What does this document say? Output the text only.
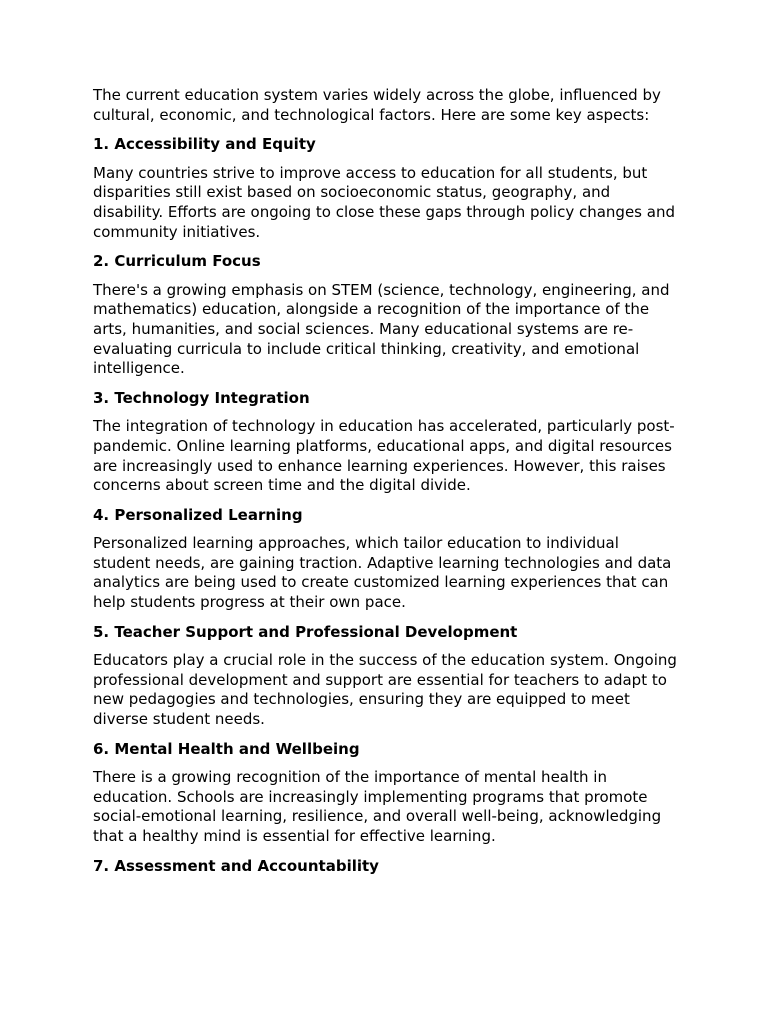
The current education system varies widely across the globe, influenced by cultural, economic, and technological factors. Here are some key aspects:

1. Accessibility and Equity

Many countries strive to improve access to education for all students, but disparities still exist based on socioeconomic status, geography, and disability. Efforts are ongoing to close these gaps through policy changes and community initiatives.

2. Curriculum Focus

There's a growing emphasis on STEM (science, technology, engineering, and mathematics) education, alongside a recognition of the importance of the arts, humanities, and social sciences. Many educational systems are re-evaluating curricula to include critical thinking, creativity, and emotional intelligence.

3. Technology Integration

The integration of technology in education has accelerated, particularly post-pandemic. Online learning platforms, educational apps, and digital resources are increasingly used to enhance learning experiences. However, this raises concerns about screen time and the digital divide.

4. Personalized Learning

Personalized learning approaches, which tailor education to individual student needs, are gaining traction. Adaptive learning technologies and data analytics are being used to create customized learning experiences that can help students progress at their own pace.

5. Teacher Support and Professional Development

Educators play a crucial role in the success of the education system. Ongoing professional development and support are essential for teachers to adapt to new pedagogies and technologies, ensuring they are equipped to meet diverse student needs.

6. Mental Health and Wellbeing

There is a growing recognition of the importance of mental health in education. Schools are increasingly implementing programs that promote social-emotional learning, resilience, and overall well-being, acknowledging that a healthy mind is essential for effective learning.

7. Assessment and Accountability
